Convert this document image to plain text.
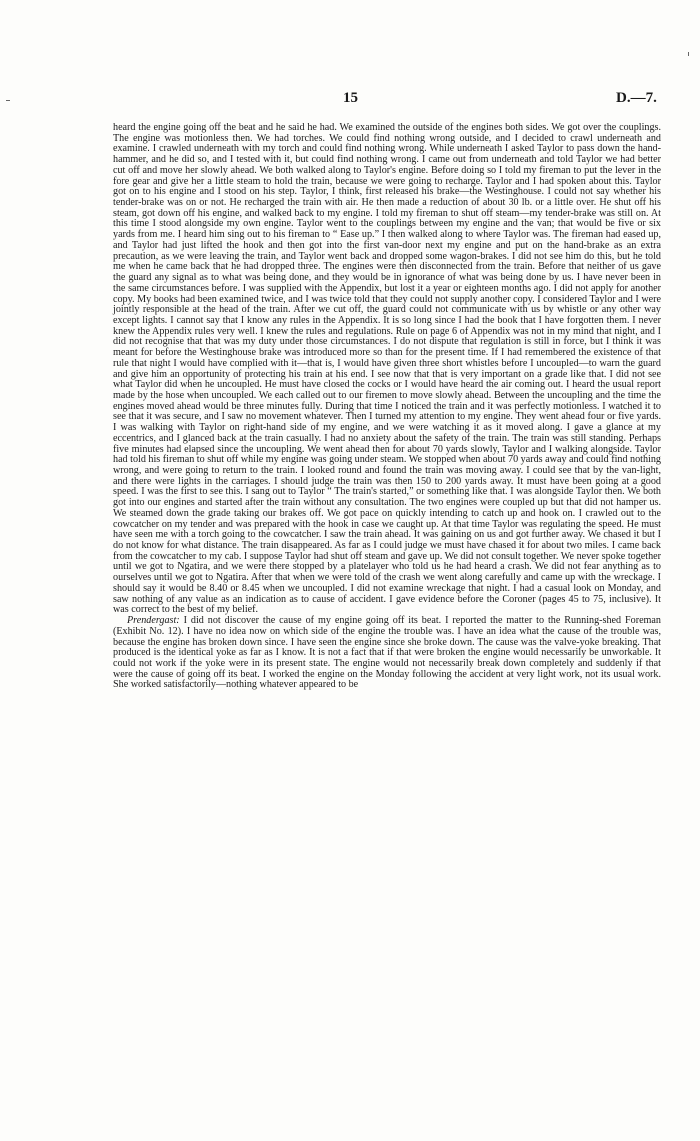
15	D.—7.

heard the engine going off the beat and he said he had. We examined the outside of the engines both sides. We got over the couplings. The engine was motionless then. We had torches. We could find nothing wrong outside, and I decided to crawl underneath and examine. I crawled underneath with my torch and could find nothing wrong. While underneath I asked Taylor to pass down the hand-hammer, and he did so, and I tested with it, but could find nothing wrong. I came out from underneath and told Taylor we had better cut off and move her slowly ahead. We both walked along to Taylor's engine. Before doing so I told my fireman to put the lever in the fore gear and give her a little steam to hold the train, because we were going to recharge. Taylor and I had spoken about this. Taylor got on to his engine and I stood on his step. Taylor, I think, first released his brake—the Westinghouse. I could not say whether his tender-brake was on or not. He recharged the train with air. He then made a reduction of about 30 lb. or a little over. He shut off his steam, got down off his engine, and walked back to my engine. I told my fireman to shut off steam—my tender-brake was still on. At this time I stood alongside my own engine. Taylor went to the couplings between my engine and the van; that would be five or six yards from me. I heard him sing out to his fireman to “ Ease up.” I then walked along to where Taylor was. The fireman had eased up, and Taylor had just lifted the hook and then got into the first van-door next my engine and put on the hand-brake as an extra precaution, as we were leaving the train, and Taylor went back and dropped some wagon-brakes. I did not see him do this, but he told me when he came back that he had dropped three. The engines were then disconnected from the train. Before that neither of us gave the guard any signal as to what was being done, and they would be in ignorance of what was being done by us. I have never been in the same circumstances before. I was supplied with the Appendix, but lost it a year or eighteen months ago. I did not apply for another copy. My books had been examined twice, and I was twice told that they could not supply another copy. I considered Taylor and I were jointly responsible at the head of the train. After we cut off, the guard could not communicate with us by whistle or any other way except lights. I cannot say that I know any rules in the Appendix. It is so long since I had the book that I have forgotten them. I never knew the Appendix rules very well. I knew the rules and regulations. Rule on page 6 of Appendix was not in my mind that night, and I did not recognise that that was my duty under those circumstances. I do not dispute that regulation is still in force, but I think it was meant for before the Westinghouse brake was introduced more so than for the present time. If I had remembered the existence of that rule that night I would have complied with it—that is, I would have given three short whistles before I uncoupled—to warn the guard and give him an opportunity of protecting his train at his end. I see now that that is very important on a grade like that. I did not see what Taylor did when he uncoupled. He must have closed the cocks or I would have heard the air coming out. I heard the usual report made by the hose when uncoupled. We each called out to our firemen to move slowly ahead. Between the uncoupling and the time the engines moved ahead would be three minutes fully. During that time I noticed the train and it was perfectly motionless. I watched it to see that it was secure, and I saw no movement whatever. Then I turned my attention to my engine. They went ahead four or five yards. I was walking with Taylor on right-hand side of my engine, and we were watching it as it moved along. I gave a glance at my eccentrics, and I glanced back at the train casually. I had no anxiety about the safety of the train. The train was still standing. Perhaps five minutes had elapsed since the uncoupling. We went ahead then for about 70 yards slowly, Taylor and I walking alongside. Taylor had told his fireman to shut off while my engine was going under steam. We stopped when about 70 yards away and could find nothing wrong, and were going to return to the train. I looked round and found the train was moving away. I could see that by the van-light, and there were lights in the carriages. I should judge the train was then 150 to 200 yards away. It must have been going at a good speed. I was the first to see this. I sang out to Taylor “ The train's started,” or something like that. I was alongside Taylor then. We both got into our engines and started after the train without any consultation. The two engines were coupled up but that did not hamper us. We steamed down the grade taking our brakes off. We got pace on quickly intending to catch up and hook on. I crawled out to the cowcatcher on my tender and was prepared with the hook in case we caught up. At that time Taylor was regulating the speed. He must have seen me with a torch going to the cowcatcher. I saw the train ahead. It was gaining on us and got further away. We chased it but I do not know for what distance. The train disappeared. As far as I could judge we must have chased it for about two miles. I came back from the cowcatcher to my cab. I suppose Taylor had shut off steam and gave up. We did not consult together. We never spoke together until we got to Ngatira, and we were there stopped by a platelayer who told us he had heard a crash. We did not fear anything as to ourselves until we got to Ngatira. After that when we were told of the crash we went along carefully and came up with the wreckage. I should say it would be 8.40 or 8.45 when we uncoupled. I did not examine wreckage that night. I had a casual look on Monday, and saw nothing of any value as an indication as to cause of accident. I gave evidence before the Coroner (pages 45 to 75, inclusive). It was correct to the best of my belief.

Prendergast: I did not discover the cause of my engine going off its beat. I reported the matter to the Running-shed Foreman (Exhibit No. 12). I have no idea now on which side of the engine the trouble was. I have an idea what the cause of the trouble was, because the engine has broken down since. I have seen the engine since she broke down. The cause was the valve-yoke breaking. That produced is the identical yoke as far as I know. It is not a fact that if that were broken the engine would necessarily be unworkable. It could not work if the yoke were in its present state. The engine would not necessarily break down completely and suddenly if that were the cause of going off its beat. I worked the engine on the Monday following the accident at very light work, not its usual work. She worked satisfactorily—nothing whatever appeared to be
